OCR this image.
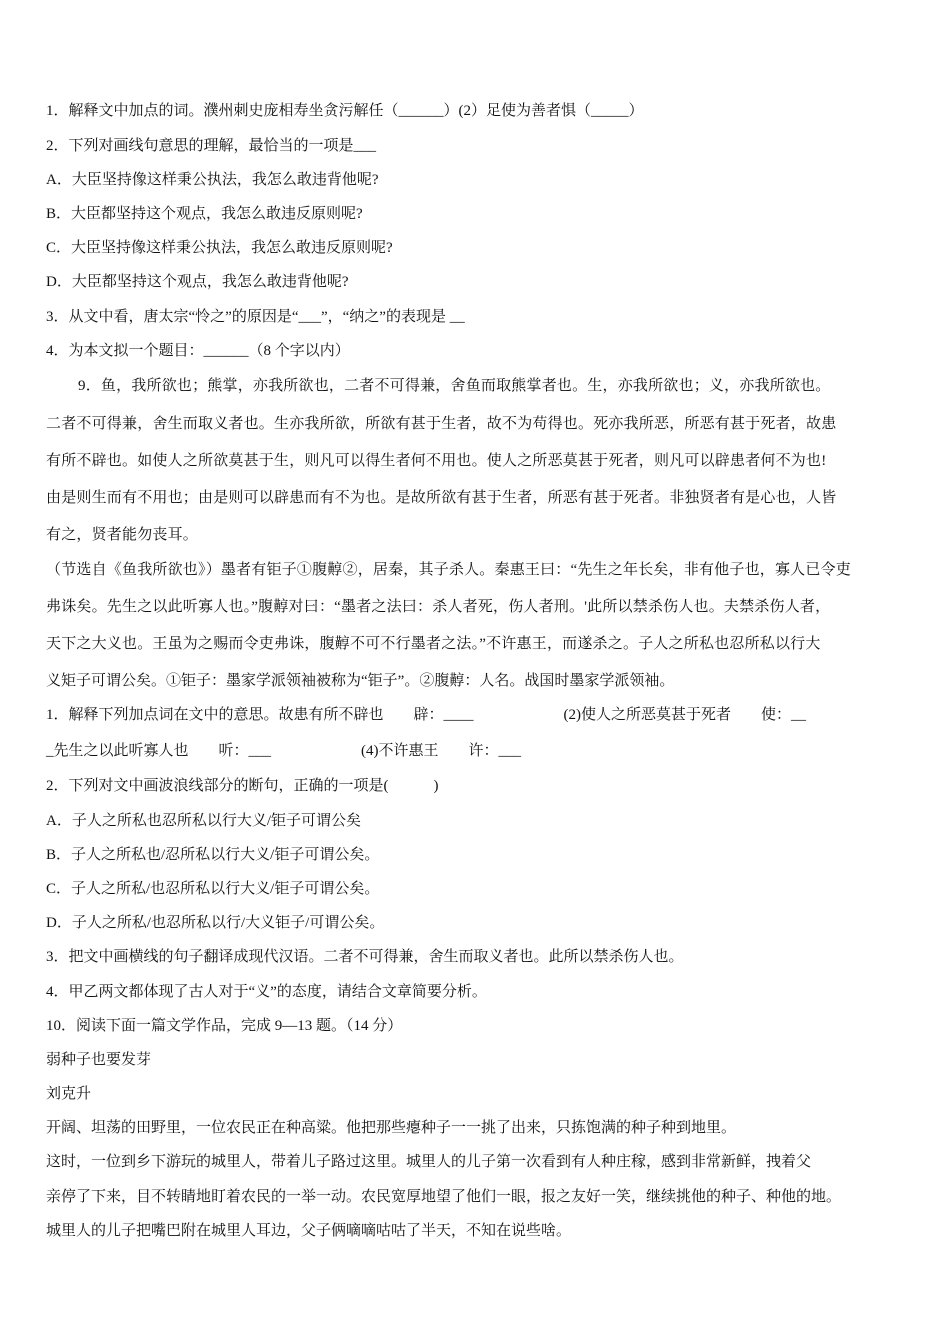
1．解释文中加点的词。濮州刺史庞相寿坐贪污解任（______）(2）足使为善者惧（_____）
2．下列对画线句意思的理解，最恰当的一项是___
A．大臣坚持像这样秉公执法，我怎么敢违背他呢?
B．大臣都坚持这个观点，我怎么敢违反原则呢?
C．大臣坚持像这样秉公执法，我怎么敢违反原则呢?
D．大臣都坚持这个观点，我怎么敢违背他呢?
3．从文中看，唐太宗“怜之”的原因是“___”，“纳之”的表现是 __
4．为本文拟一个题目：______（8 个字以内）
9．鱼，我所欲也；熊掌，亦我所欲也，二者不可得兼，舍鱼而取熊掌者也。生，亦我所欲也；义，亦我所欲也。
二者不可得兼，舍生而取义者也。生亦我所欲，所欲有甚于生者，故不为苟得也。死亦我所恶，所恶有甚于死者，故患
有所不辟也。如使人之所欲莫甚于生，则凡可以得生者何不用也。使人之所恶莫甚于死者，则凡可以辟患者何不为也!
由是则生而有不用也；由是则可以辟患而有不为也。是故所欲有甚于生者，所恶有甚于死者。非独贤者有是心也，人皆
有之，贤者能勿丧耳。
（节选自《鱼我所欲也》）墨者有钜子①腹䵍②，居秦，其子杀人。秦惠王曰：“先生之年长矣，非有他子也，寡人已令吏
弗诛矣。先生之以此听寡人也。”腹䵍对曰：“墨者之法曰：杀人者死，伤人者刑。'此所以禁杀伤人也。夫禁杀伤人者，
天下之大义也。王虽为之赐而令吏弗诛，腹䵍不可不行墨者之法。”不许惠王，而遂杀之。子人之所私也忍所私以行大
义矩子可谓公矣。①钜子：墨家学派领袖被称为“钜子”。②腹䵍：人名。战国时墨家学派领袖。
1．解释下列加点词在文中的意思。故患有所不辟也　　辟：____　　　　　　(2)使人之所恶莫甚于死者　　使：__
_先生之以此听寡人也　　听：___　　　　　　(4)不许惠王　　许：___
2．下列对文中画波浪线部分的断句，正确的一项是(　　　)
A．子人之所私也忍所私以行大义/钜子可谓公矣
B．子人之所私也/忍所私以行大义/钜子可谓公矣。
C．子人之所私/也忍所私以行大义/钜子可谓公矣。
D．子人之所私/也忍所私以行/大义钜子/可谓公矣。
3．把文中画横线的句子翻译成现代汉语。二者不可得兼，舍生而取义者也。此所以禁杀伤人也。
4．甲乙两文都体现了古人对于“义”的态度，请结合文章简要分析。
10．阅读下面一篇文学作品，完成 9—13 题。（14 分）
弱种子也要发芽
刘克升
开阔、坦荡的田野里，一位农民正在种高粱。他把那些瘪种子一一挑了出来，只拣饱满的种子种到地里。
这时，一位到乡下游玩的城里人，带着儿子路过这里。城里人的儿子第一次看到有人种庄稼，感到非常新鲜，拽着父
亲停了下来，目不转睛地盯着农民的一举一动。农民宽厚地望了他们一眼，报之友好一笑，继续挑他的种子、种他的地。
城里人的儿子把嘴巴附在城里人耳边，父子俩嘀嘀咕咕了半天，不知在说些啥。
